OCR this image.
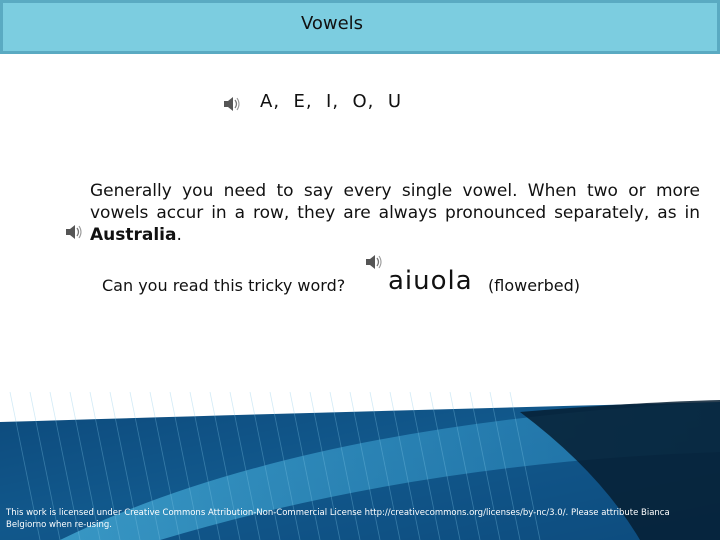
Vowels
A,  E,  I,  O,  U
Generally you need to say every single vowel. When two or more vowels accur in a row, they are always pronounced separately, as in Australia.
Can you read this tricky word? aiuola (flowerbed)
This work is licensed under Creative Commons Attribution-Non-Commercial License http://creativecommons.org/licenses/by-nc/3.0/. Please attribute Bianca Belgiorno when re-using.
